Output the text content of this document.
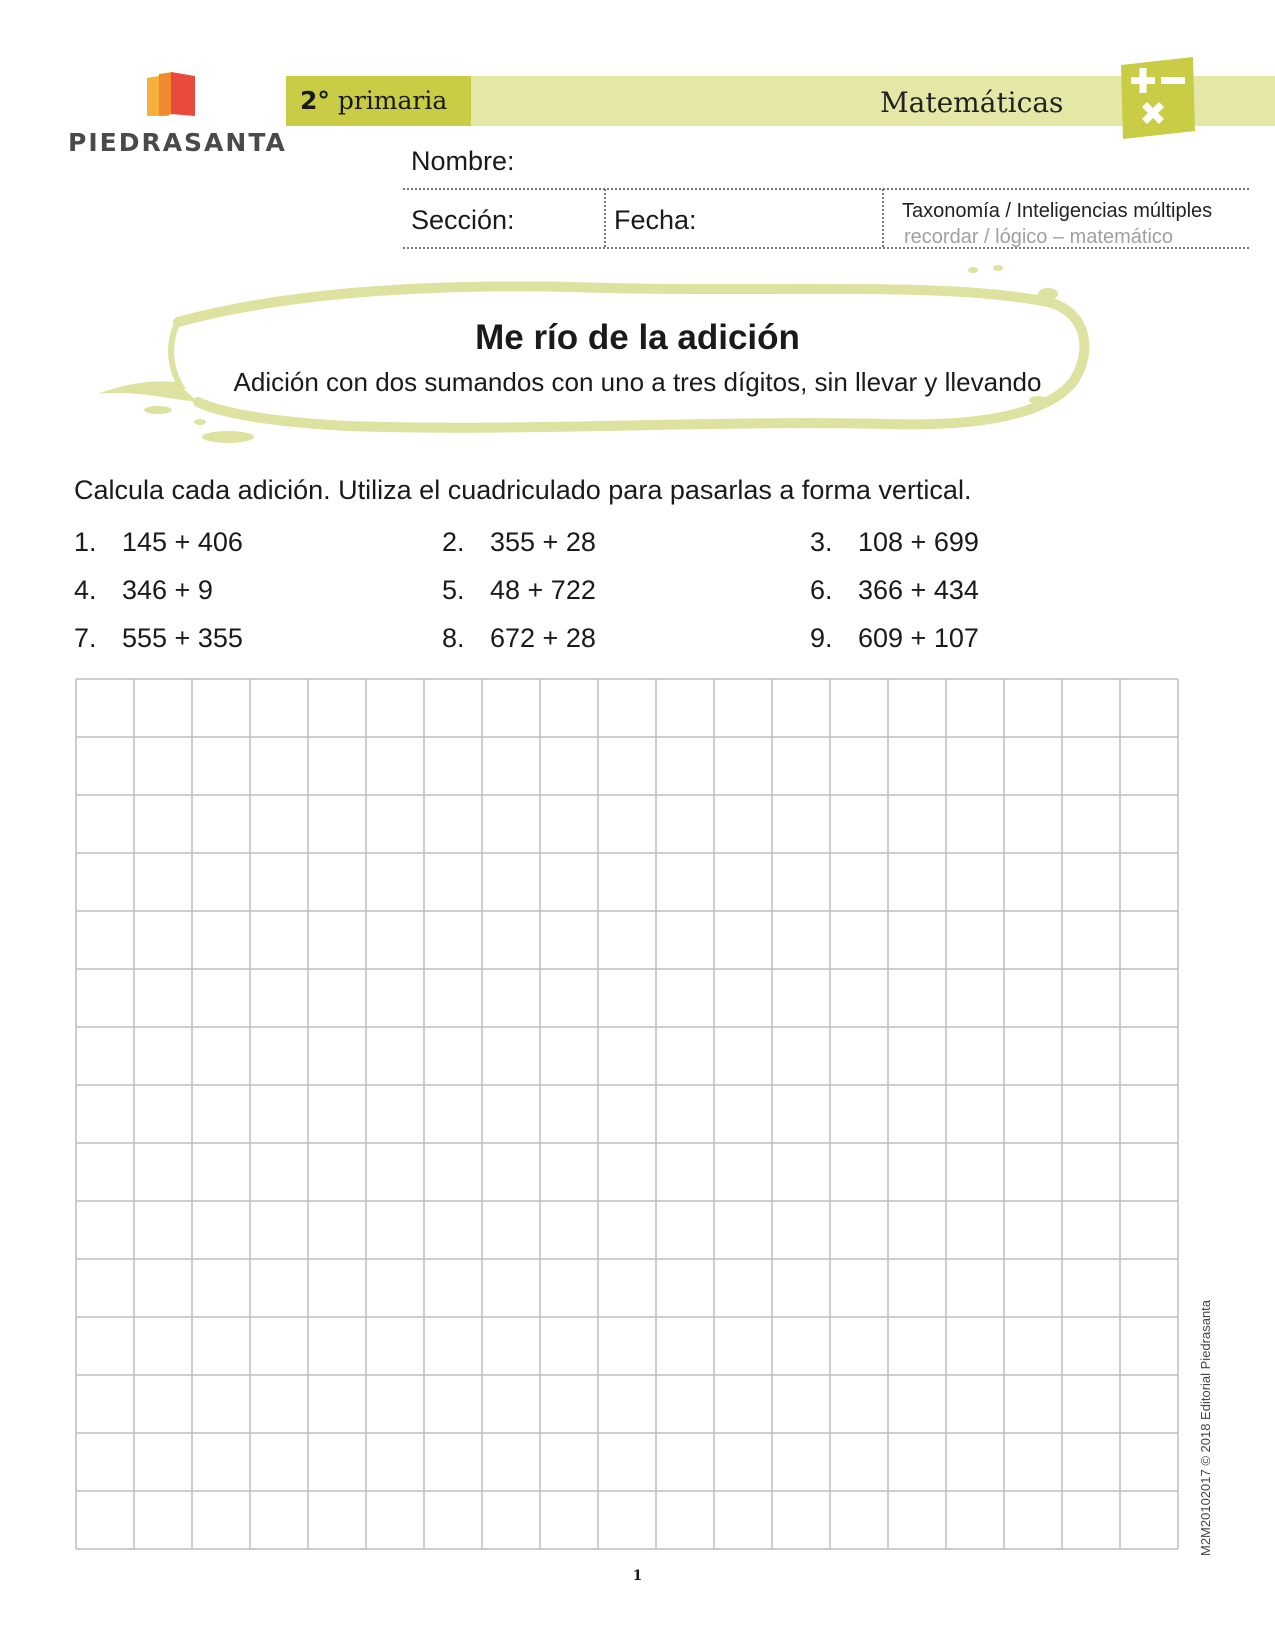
PIEDRASANTA
2° primaria	Matemáticas
Nombre:
Sección:	Fecha:	Taxonomía / Inteligencias múltiples
recordar / lógico – matemático
Me río de la adición
Adición con dos sumandos con uno a tres dígitos, sin llevar y llevando
Calcula cada adición. Utiliza el cuadriculado para pasarlas a forma vertical.
1. 145 + 406	2. 355 + 28	3. 108 + 699
4. 346 + 9	5. 48 + 722	6. 366 + 434
7. 555 + 355	8. 672 + 28	9. 609 + 107
M2M20102017 © 2018 Editorial Piedrasanta
1
